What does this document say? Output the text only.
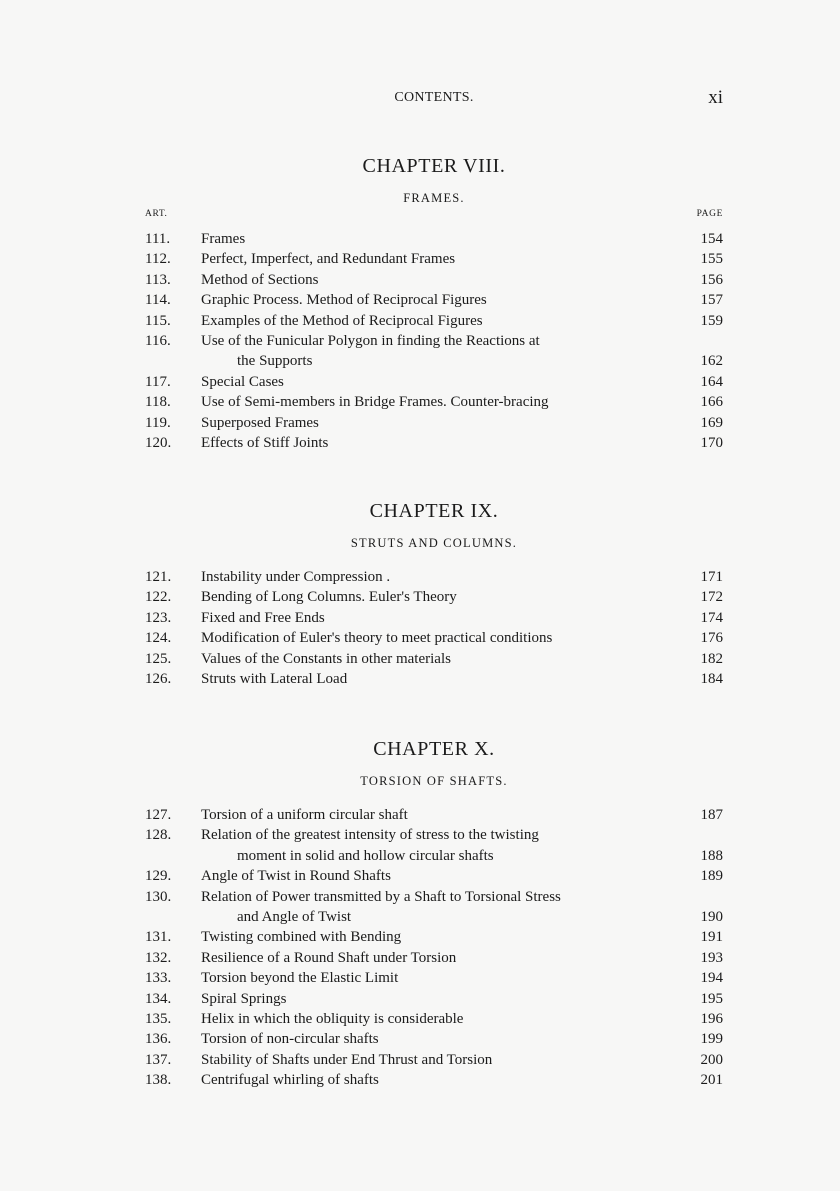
CONTENTS.	xi
CHAPTER VIII.
FRAMES.
ART.	PAGE
111.	Frames	154
112.	Perfect, Imperfect, and Redundant Frames	155
113.	Method of Sections	156
114.	Graphic Process. Method of Reciprocal Figures	157
115.	Examples of the Method of Reciprocal Figures	159
116.	Use of the Funicular Polygon in finding the Reactions at
the Supports	162
117.	Special Cases	164
118.	Use of Semi-members in Bridge Frames. Counter-bracing	166
119.	Superposed Frames	169
120.	Effects of Stiff Joints	170
CHAPTER IX.
STRUTS AND COLUMNS.
121.	Instability under Compression .	171
122.	Bending of Long Columns. Euler's Theory	172
123.	Fixed and Free Ends	174
124.	Modification of Euler's theory to meet practical conditions	176
125.	Values of the Constants in other materials	182
126.	Struts with Lateral Load	184
CHAPTER X.
TORSION OF SHAFTS.
127.	Torsion of a uniform circular shaft	187
128.	Relation of the greatest intensity of stress to the twisting
moment in solid and hollow circular shafts	188
129.	Angle of Twist in Round Shafts	189
130.	Relation of Power transmitted by a Shaft to Torsional Stress
and Angle of Twist	190
131.	Twisting combined with Bending	191
132.	Resilience of a Round Shaft under Torsion	193
133.	Torsion beyond the Elastic Limit	194
134.	Spiral Springs	195
135.	Helix in which the obliquity is considerable	196
136.	Torsion of non-circular shafts	199
137.	Stability of Shafts under End Thrust and Torsion	200
138.	Centrifugal whirling of shafts	201
